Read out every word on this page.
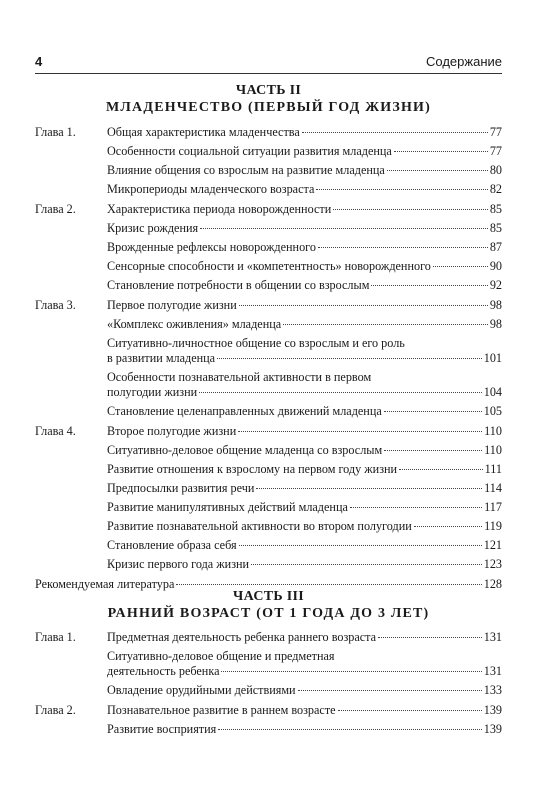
4	Содержание
ЧАСТЬ II
МЛАДЕНЧЕСТВО (ПЕРВЫЙ ГОД ЖИЗНИ)
Глава 1.	Общая характеристика младенчества	77
Особенности социальной ситуации развития младенца	77
Влияние общения со взрослым на развитие младенца	80
Микропериоды младенческого возраста	82
Глава 2.	Характеристика периода новорожденности	85
Кризис рождения	85
Врожденные рефлексы новорожденного	87
Сенсорные способности и «компетентность» новорожденного	90
Становление потребности в общении со взрослым	92
Глава 3.	Первое полугодие жизни	98
«Комплекс оживления» младенца	98
Ситуативно-личностное общение со взрослым и его роль
в развитии младенца	101
Особенности познавательной активности в первом
полугодии жизни	104
Становление целенаправленных движений младенца	105
Глава 4.	Второе полугодие жизни	110
Ситуативно-деловое общение младенца со взрослым	110
Развитие отношения к взрослому на первом году жизни	111
Предпосылки развития речи	114
Развитие манипулятивных действий младенца	117
Развитие познавательной активности во втором полугодии	119
Становление образа себя	121
Кризис первого года жизни	123
Рекомендуемая литература	128
ЧАСТЬ III
РАННИЙ ВОЗРАСТ (ОТ 1 ГОДА ДО 3 ЛЕТ)
Глава 1.	Предметная деятельность ребенка раннего возраста	131
Ситуативно-деловое общение и предметная
деятельность ребенка	131
Овладение орудийными действиями	133
Глава 2.	Познавательное развитие в раннем возрасте	139
Развитие восприятия	139
